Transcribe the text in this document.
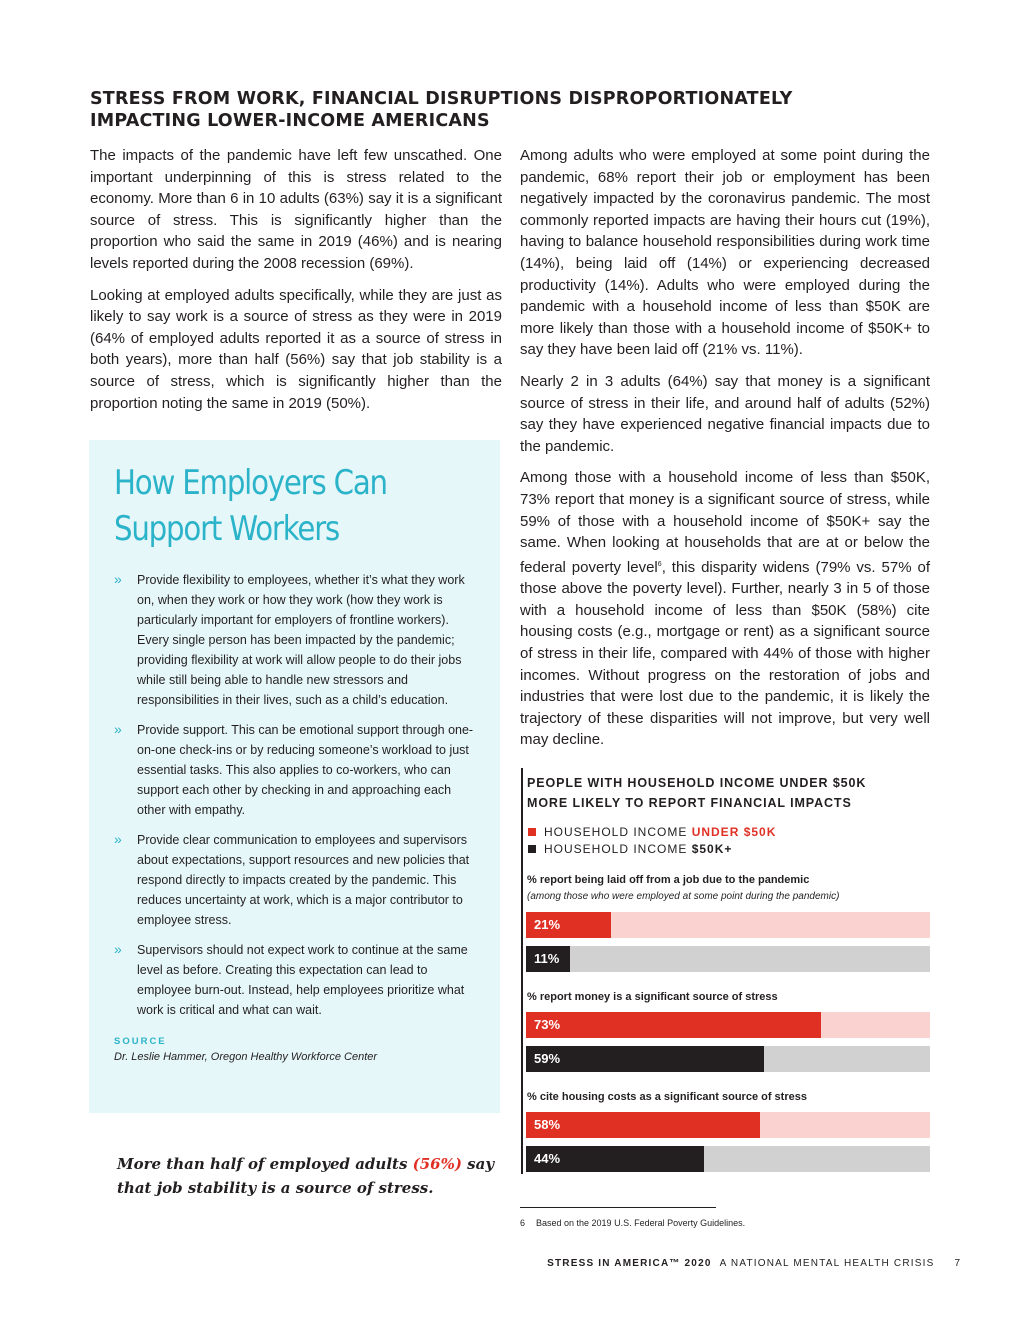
STRESS FROM WORK, FINANCIAL DISRUPTIONS DISPROPORTIONATELY
IMPACTING LOWER-INCOME AMERICANS

The impacts of the pandemic have left few unscathed. One important underpinning of this is stress related to the economy. More than 6 in 10 adults (63%) say it is a significant source of stress. This is significantly higher than the proportion who said the same in 2019 (46%) and is nearing levels reported during the 2008 recession (69%).

Looking at employed adults specifically, while they are just as likely to say work is a source of stress as they were in 2019 (64% of employed adults reported it as a source of stress in both years), more than half (56%) say that job stability is a source of stress, which is significantly higher than the proportion noting the same in 2019 (50%).

Among adults who were employed at some point during the pandemic, 68% report their job or employment has been negatively impacted by the coronavirus pandemic. The most commonly reported impacts are having their hours cut (19%), having to balance household responsibilities during work time (14%), being laid off (14%) or experiencing decreased productivity (14%). Adults who were employed during the pandemic with a household income of less than $50K are more likely than those with a household income of $50K+ to say they have been laid off (21% vs. 11%).

Nearly 2 in 3 adults (64%) say that money is a significant source of stress in their life, and around half of adults (52%) say they have experienced negative financial impacts due to the pandemic.

Among those with a household income of less than $50K, 73% report that money is a significant source of stress, while 59% of those with a household income of $50K+ say the same. When looking at households that are at or below the federal poverty level$^6$, this disparity widens (79% vs. 57% of those above the poverty level). Further, nearly 3 in 5 of those with a household income of less than $50K (58%) cite housing costs (e.g., mortgage or rent) as a significant source of stress in their life, compared with 44% of those with higher incomes. Without progress on the restoration of jobs and industries that were lost due to the pandemic, it is likely the trajectory of these disparities will not improve, but very well may decline.

How Employers Can Support Workers
» Provide flexibility to employees, whether it’s what they work on, when they work or how they work (how they work is particularly important for employers of frontline workers). Every single person has been impacted by the pandemic; providing flexibility at work will allow people to do their jobs while still being able to handle new stressors and responsibilities in their lives, such as a child’s education.
» Provide support. This can be emotional support through one-on-one check-ins or by reducing someone’s workload to just essential tasks. This also applies to co-workers, who can support each other by checking in and approaching each other with empathy.
» Provide clear communication to employees and supervisors about expectations, support resources and new policies that respond directly to impacts created by the pandemic. This reduces uncertainty at work, which is a major contributor to employee stress.
» Supervisors should not expect work to continue at the same level as before. Creating this expectation can lead to employee burn-out. Instead, help employees prioritize what work is critical and what can wait.
SOURCE
Dr. Leslie Hammer, Oregon Healthy Workforce Center

More than half of employed adults (56%) say that job stability is a source of stress.

PEOPLE WITH HOUSEHOLD INCOME UNDER $50K
MORE LIKELY TO REPORT FINANCIAL IMPACTS
HOUSEHOLD INCOME UNDER $50K
HOUSEHOLD INCOME $50K+
% report being laid off from a job due to the pandemic
(among those who were employed at some point during the pandemic)
21%
11%
% report money is a significant source of stress
73%
59%
% cite housing costs as a significant source of stress
58%
44%
6 Based on the 2019 U.S. Federal Poverty Guidelines.
STRESS IN AMERICA™ 2020 A NATIONAL MENTAL HEALTH CRISIS 7
